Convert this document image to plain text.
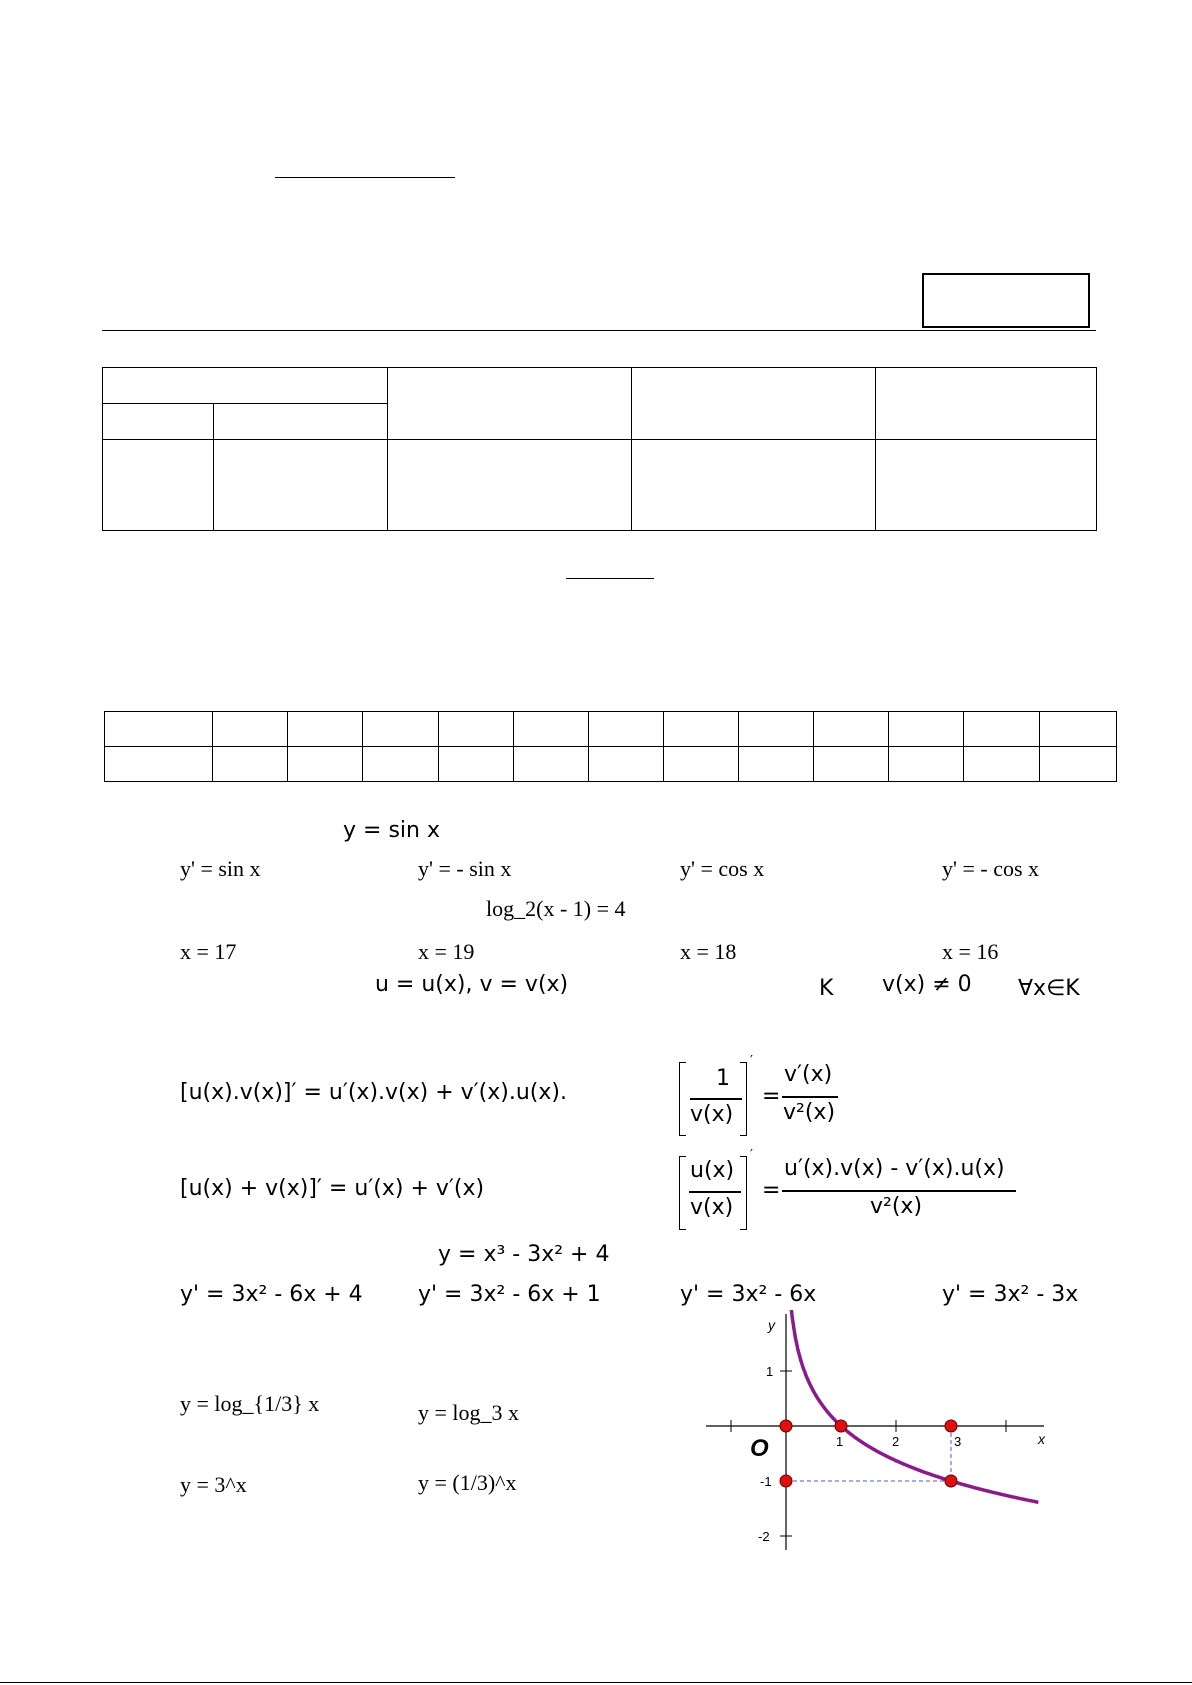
y = sin x
y' = sin x	y' = - sin x	y' = cos x	y' = - cos x
log_2(x - 1) = 4
x = 17	x = 19	x = 18	x = 16
u = u(x), v = v(x)	K v(x) ≠ 0 ∀x∈K
[u(x).v(x)]′ = u′(x).v(x) + v′(x).u(x).
1
v(x)
′
=
v′(x)
v²(x)
[u(x) + v(x)]′ = u′(x) + v′(x)
u(x)
v(x)
′
=
u′(x).v(x) - v′(x).u(x)
v²(x)
y = x³ - 3x² + 4
y' = 3x² - 6x + 4	y' = 3x² - 6x + 1	y' = 3x² - 6x	y' = 3x² - 3x
y = log_{1/3} x	y = log_3 x
y = 3^x	y = (1/3)^x
x
y
O	1	2	3
1
-1
-2
